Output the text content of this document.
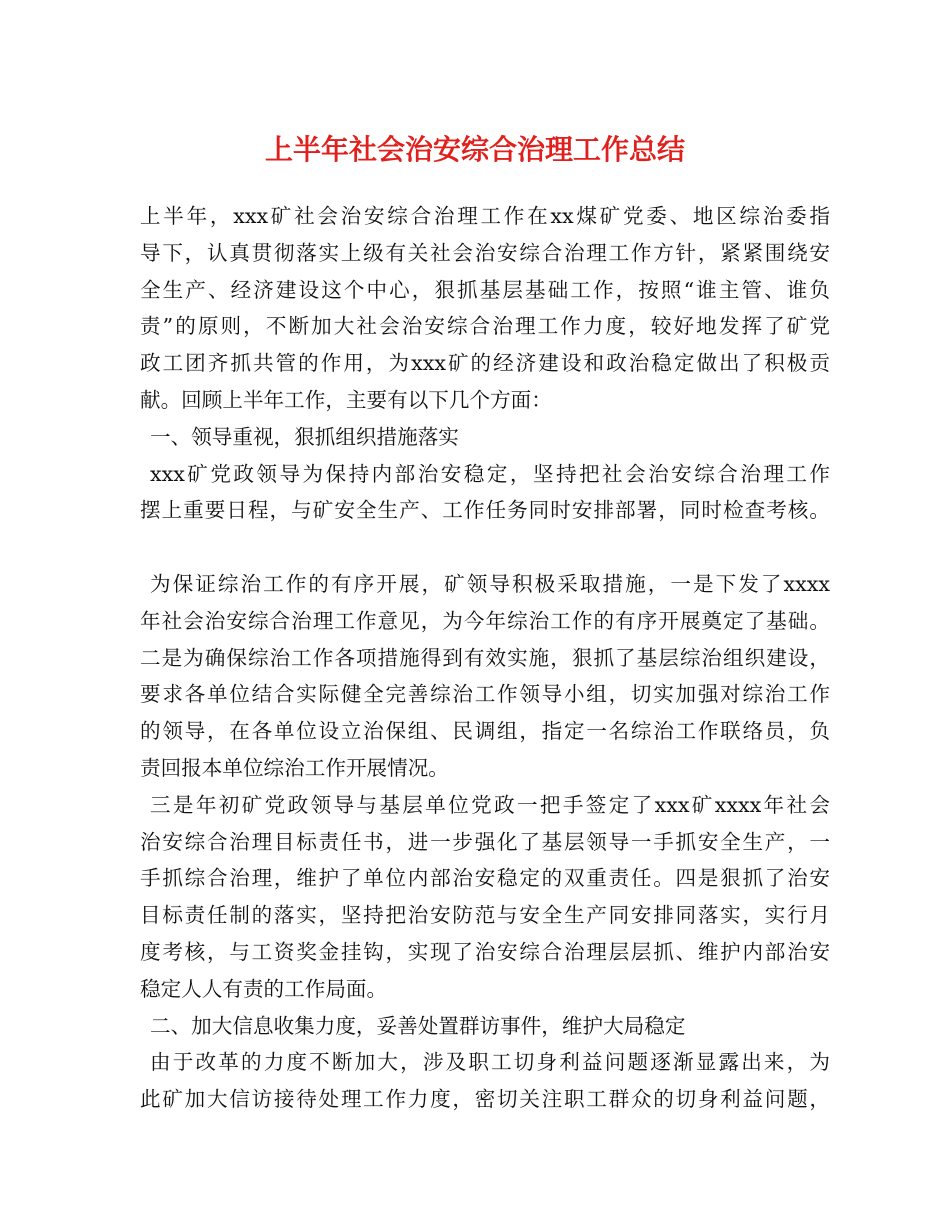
上半年社会治安综合治理工作总结
上半年，xxx矿社会治安综合治理工作在xx煤矿党委、地区综治委指
导下，认真贯彻落实上级有关社会治安综合治理工作方针，紧紧围绕安
全生产、经济建设这个中心，狠抓基层基础工作，按照“谁主管、谁负
责”的原则，不断加大社会治安综合治理工作力度，较好地发挥了矿党
政工团齐抓共管的作用，为xxx矿的经济建设和政治稳定做出了积极贡
献。回顾上半年工作，主要有以下几个方面：
一、领导重视，狠抓组织措施落实
xxx矿党政领导为保持内部治安稳定，坚持把社会治安综合治理工作
摆上重要日程，与矿安全生产、工作任务同时安排部署，同时检查考核。
为保证综治工作的有序开展，矿领导积极采取措施，一是下发了xxxx
年社会治安综合治理工作意见，为今年综治工作的有序开展奠定了基础。
二是为确保综治工作各项措施得到有效实施，狠抓了基层综治组织建设，
要求各单位结合实际健全完善综治工作领导小组，切实加强对综治工作
的领导，在各单位设立治保组、民调组，指定一名综治工作联络员，负
责回报本单位综治工作开展情况。
三是年初矿党政领导与基层单位党政一把手签定了xxx矿xxxx年社会
治安综合治理目标责任书，进一步强化了基层领导一手抓安全生产，一
手抓综合治理，维护了单位内部治安稳定的双重责任。四是狠抓了治安
目标责任制的落实，坚持把治安防范与安全生产同安排同落实，实行月
度考核，与工资奖金挂钩，实现了治安综合治理层层抓、维护内部治安
稳定人人有责的工作局面。
二、加大信息收集力度，妥善处置群访事件，维护大局稳定
由于改革的力度不断加大，涉及职工切身利益问题逐渐显露出来，为
此矿加大信访接待处理工作力度，密切关注职工群众的切身利益问题，
